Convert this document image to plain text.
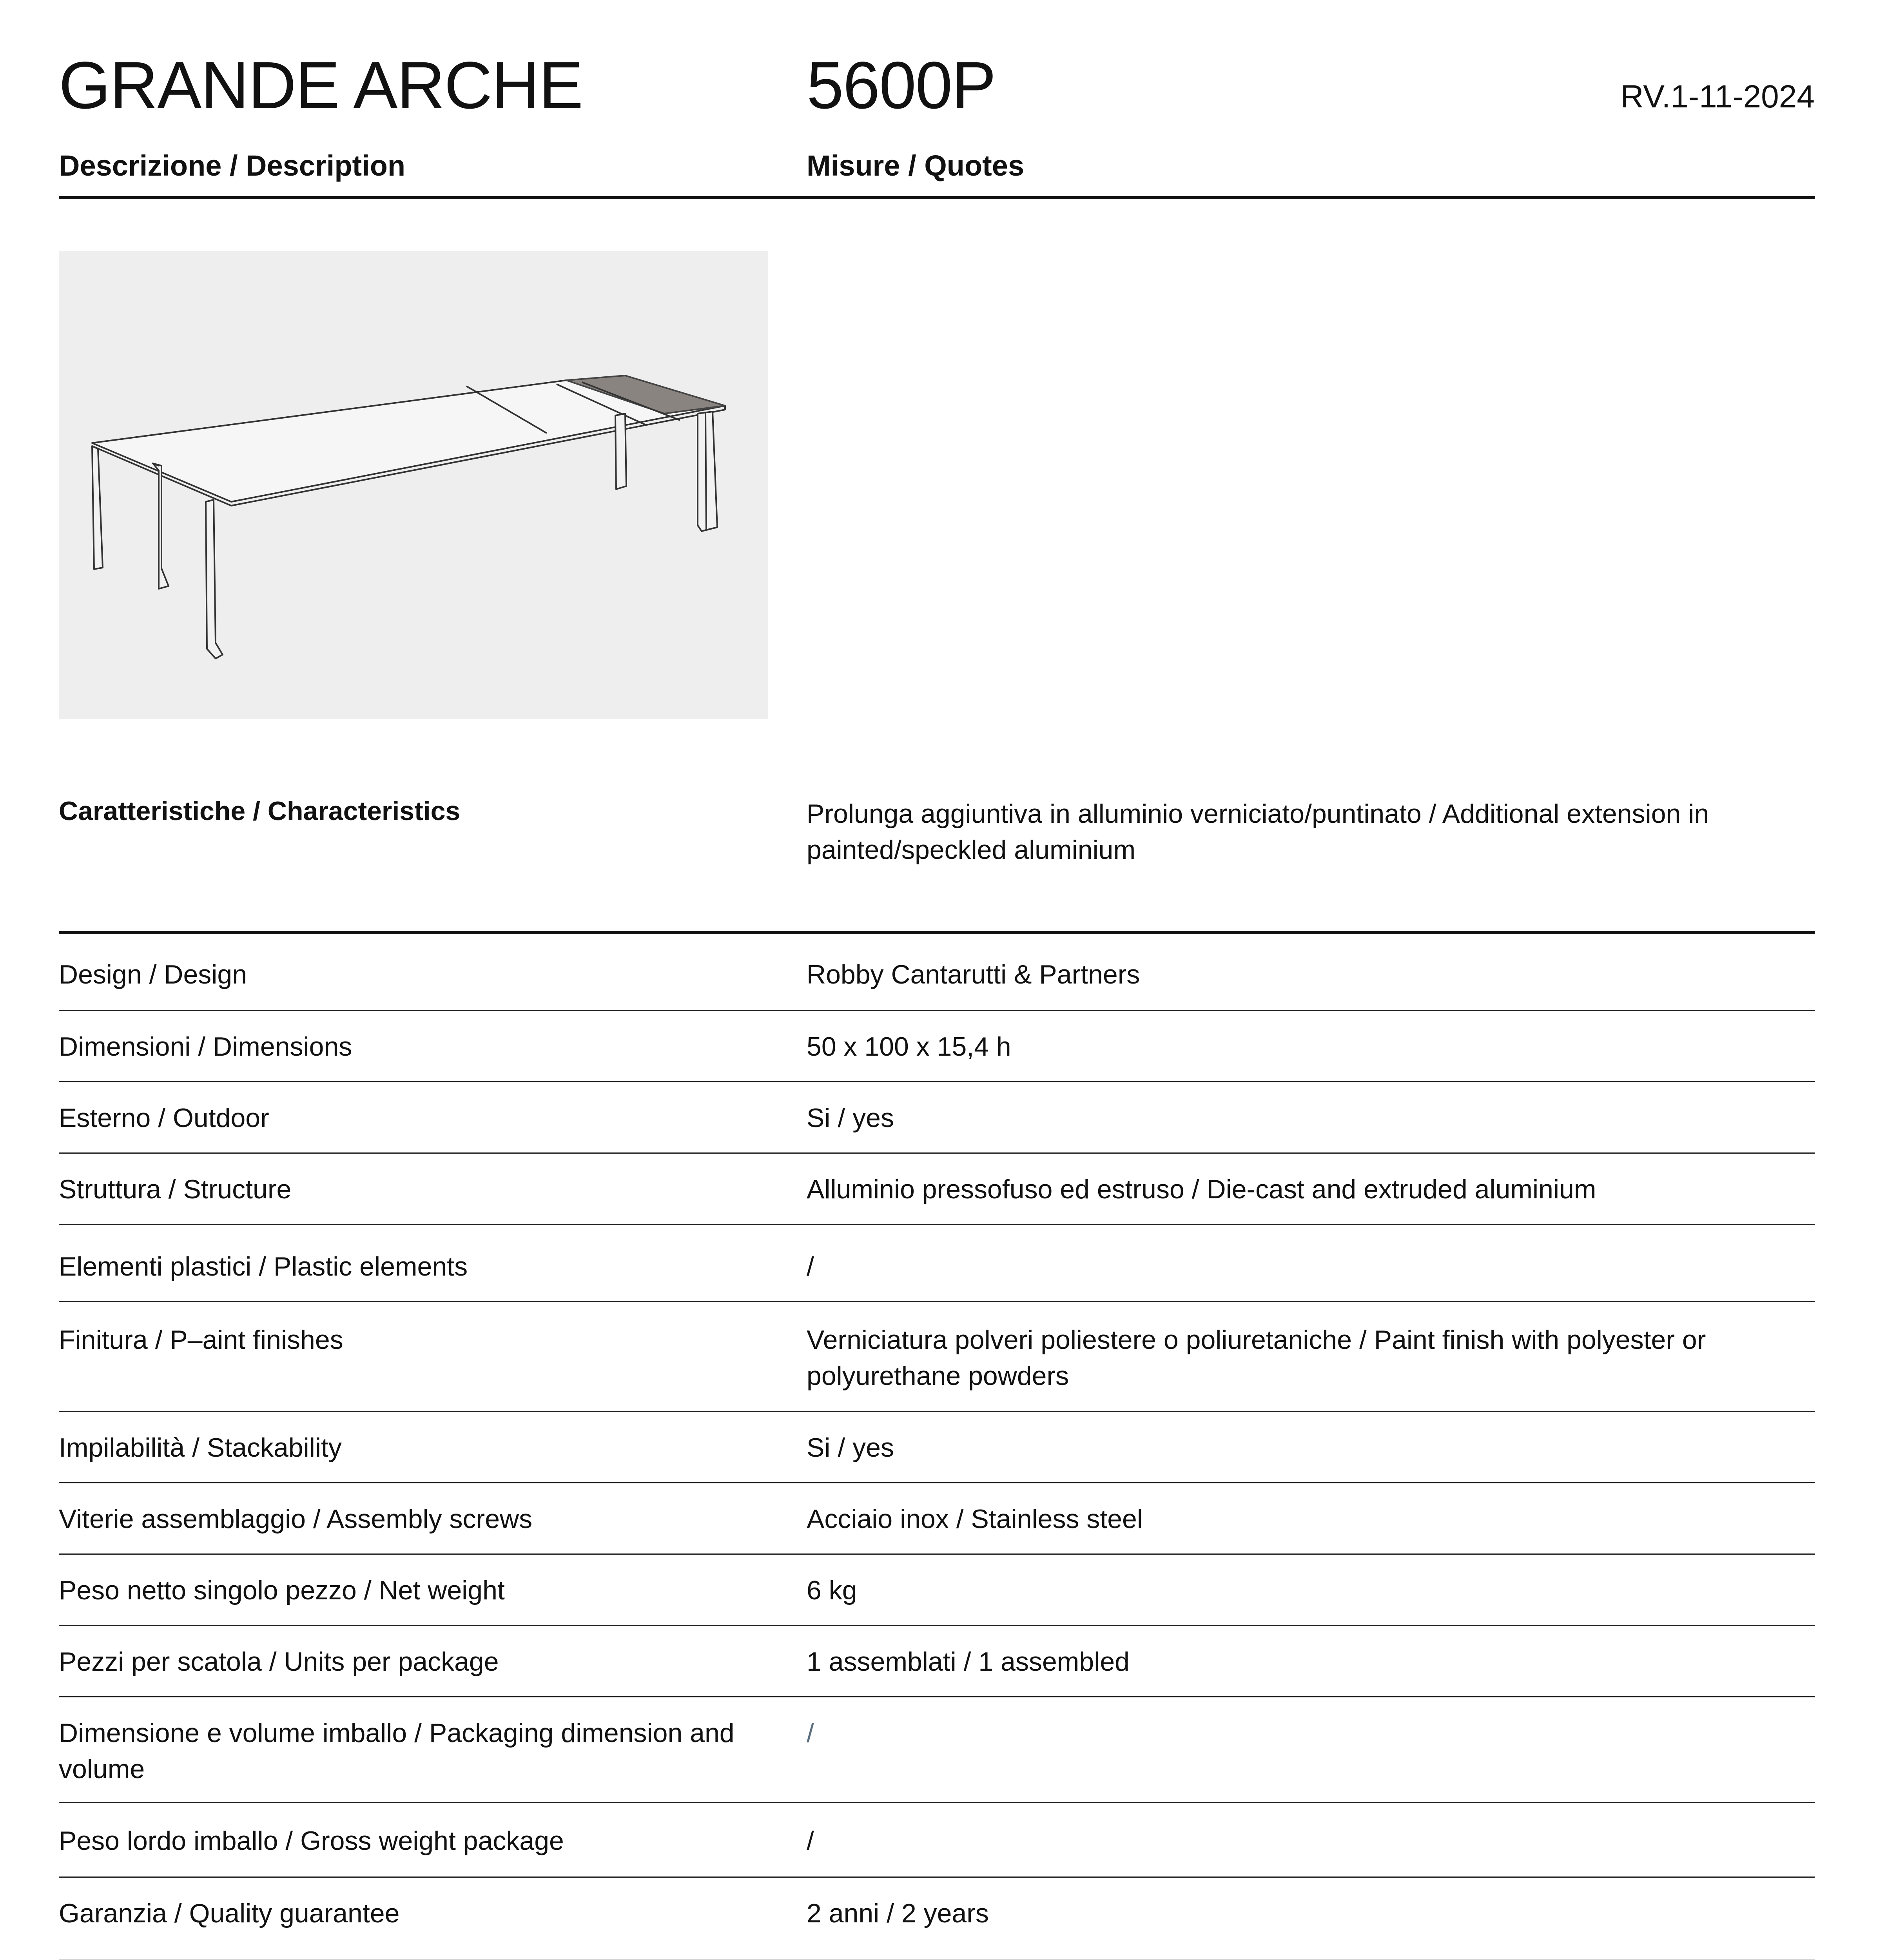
GRANDE ARCHE	5600P	RV.1-11-2024
Descrizione / Description	Misure / Quotes
Caratteristiche / Characteristics	Prolunga aggiuntiva in alluminio verniciato/puntinato / Additional extension in painted/speckled aluminium
Design / Design	Robby Cantarutti & Partners
Dimensioni / Dimensions	50 x 100 x 15,4 h
Esterno / Outdoor	Si / yes
Struttura / Structure	Alluminio pressofuso ed estruso / Die-cast and extruded aluminium
Elementi plastici / Plastic elements	/
Finitura / P–aint finishes	Verniciatura polveri poliestere o poliuretaniche / Paint finish with polyester or polyurethane powders
Impilabilità / Stackability	Si / yes
Viterie assemblaggio / Assembly screws	Acciaio inox / Stainless steel
Peso netto singolo pezzo / Net weight	6 kg
Pezzi per scatola / Units per package	1 assemblati / 1 assembled
Dimensione e volume imballo / Packaging dimension and volume	/
Peso lordo imballo / Gross weight package	/
Garanzia / Quality guarantee	2 anni / 2 years
